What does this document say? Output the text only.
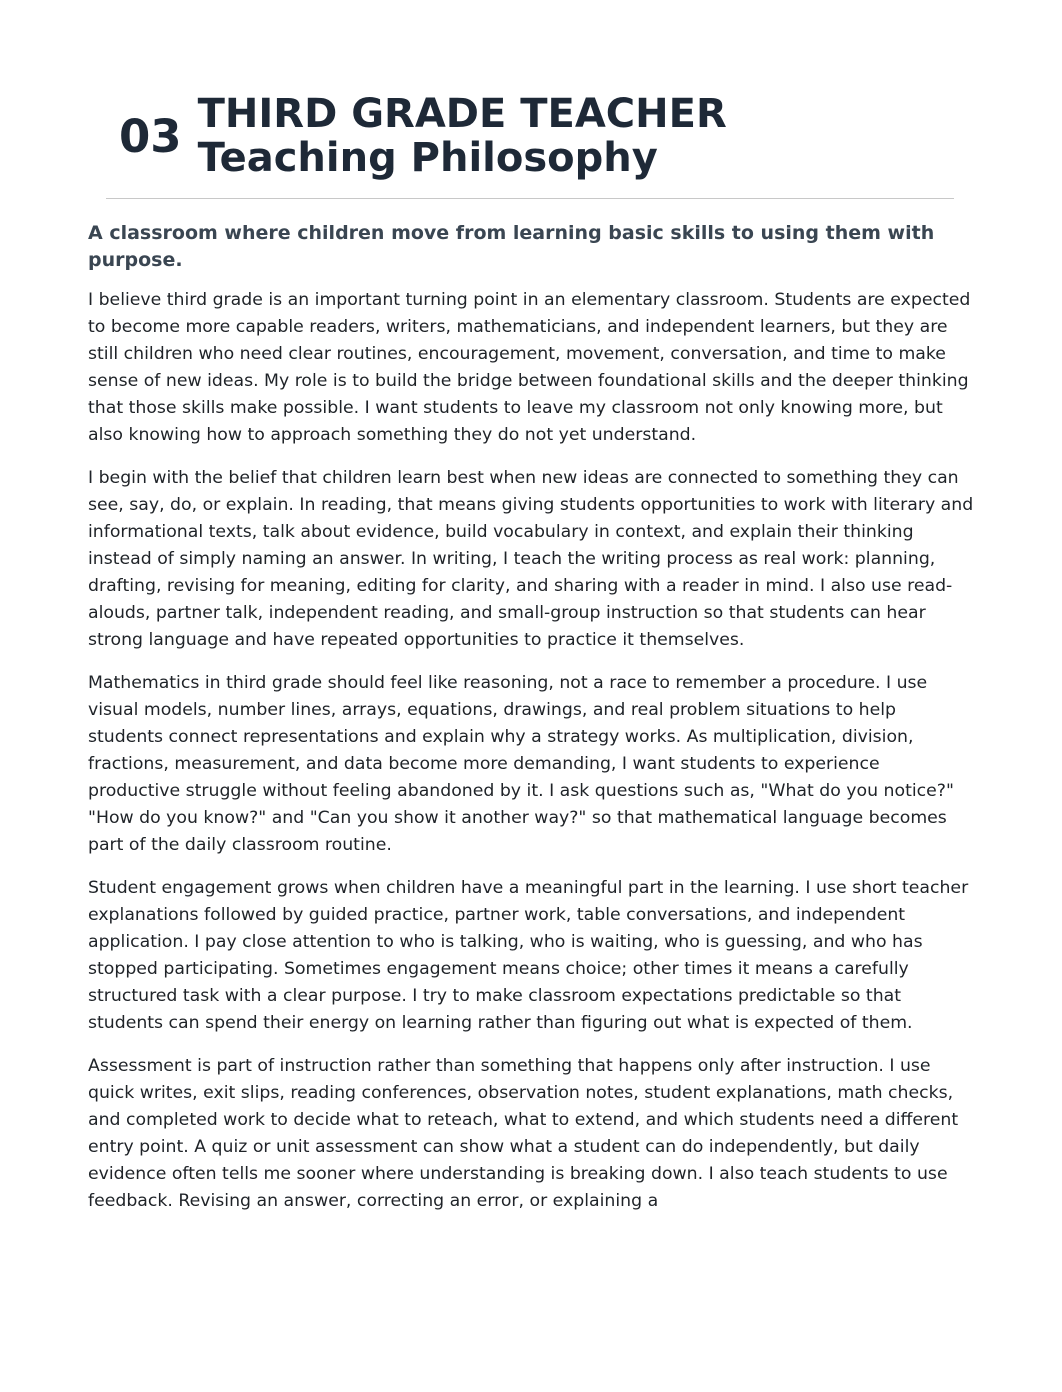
03 THIRD GRADE TEACHER
Teaching Philosophy

A classroom where children move from learning basic skills to using them with purpose.

I believe third grade is an important turning point in an elementary classroom. Students are expected to become more capable readers, writers, mathematicians, and independent learners, but they are still children who need clear routines, encouragement, movement, conversation, and time to make sense of new ideas. My role is to build the bridge between foundational skills and the deeper thinking that those skills make possible. I want students to leave my classroom not only knowing more, but also knowing how to approach something they do not yet understand.

I begin with the belief that children learn best when new ideas are connected to something they can see, say, do, or explain. In reading, that means giving students opportunities to work with literary and informational texts, talk about evidence, build vocabulary in context, and explain their thinking instead of simply naming an answer. In writing, I teach the writing process as real work: planning, drafting, revising for meaning, editing for clarity, and sharing with a reader in mind. I also use read-alouds, partner talk, independent reading, and small-group instruction so that students can hear strong language and have repeated opportunities to practice it themselves.

Mathematics in third grade should feel like reasoning, not a race to remember a procedure. I use visual models, number lines, arrays, equations, drawings, and real problem situations to help students connect representations and explain why a strategy works. As multiplication, division, fractions, measurement, and data become more demanding, I want students to experience productive struggle without feeling abandoned by it. I ask questions such as, "What do you notice?" "How do you know?" and "Can you show it another way?" so that mathematical language becomes part of the daily classroom routine.

Student engagement grows when children have a meaningful part in the learning. I use short teacher explanations followed by guided practice, partner work, table conversations, and independent application. I pay close attention to who is talking, who is waiting, who is guessing, and who has stopped participating. Sometimes engagement means choice; other times it means a carefully structured task with a clear purpose. I try to make classroom expectations predictable so that students can spend their energy on learning rather than figuring out what is expected of them.

Assessment is part of instruction rather than something that happens only after instruction. I use quick writes, exit slips, reading conferences, observation notes, student explanations, math checks, and completed work to decide what to reteach, what to extend, and which students need a different entry point. A quiz or unit assessment can show what a student can do independently, but daily evidence often tells me sooner where understanding is breaking down. I also teach students to use feedback. Revising an answer, correcting an error, or explaining a
